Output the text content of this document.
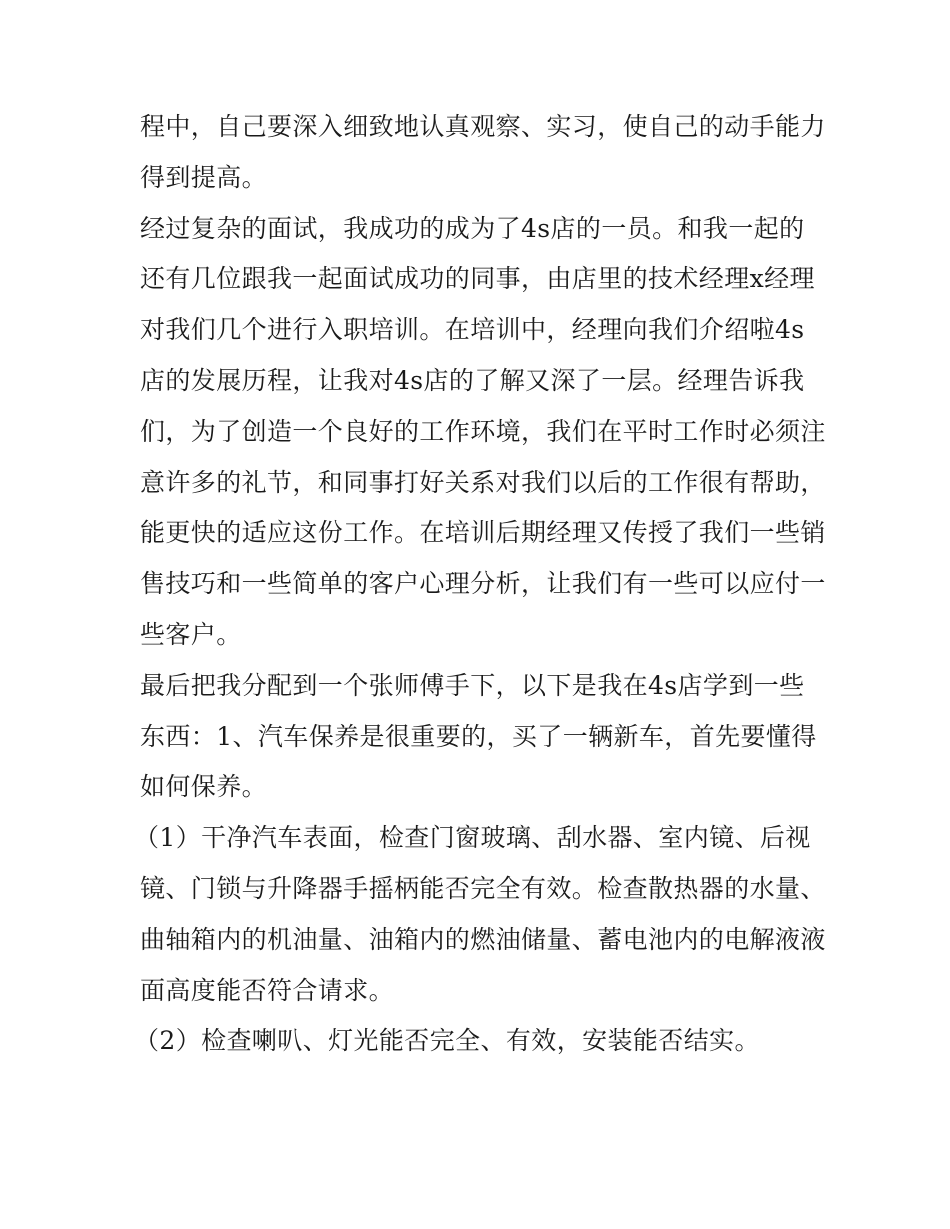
程中，自己要深入细致地认真观察、实习，使自己的动手能力
得到提高。
经过复杂的面试，我成功的成为了4s店的一员。和我一起的
还有几位跟我一起面试成功的同事，由店里的技术经理x经理
对我们几个进行入职培训。在培训中，经理向我们介绍啦4s
店的发展历程，让我对4s店的了解又深了一层。经理告诉我
们，为了创造一个良好的工作环境，我们在平时工作时必须注
意许多的礼节，和同事打好关系对我们以后的工作很有帮助，
能更快的适应这份工作。在培训后期经理又传授了我们一些销
售技巧和一些简单的客户心理分析，让我们有一些可以应付一
些客户。
最后把我分配到一个张师傅手下，以下是我在4s店学到一些
东西：1、汽车保养是很重要的，买了一辆新车，首先要懂得
如何保养。
（1）干净汽车表面，检查门窗玻璃、刮水器、室内镜、后视
镜、门锁与升降器手摇柄能否完全有效。检查散热器的水量、
曲轴箱内的机油量、油箱内的燃油储量、蓄电池内的电解液液
面高度能否符合请求。
（2）检查喇叭、灯光能否完全、有效，安装能否结实。
